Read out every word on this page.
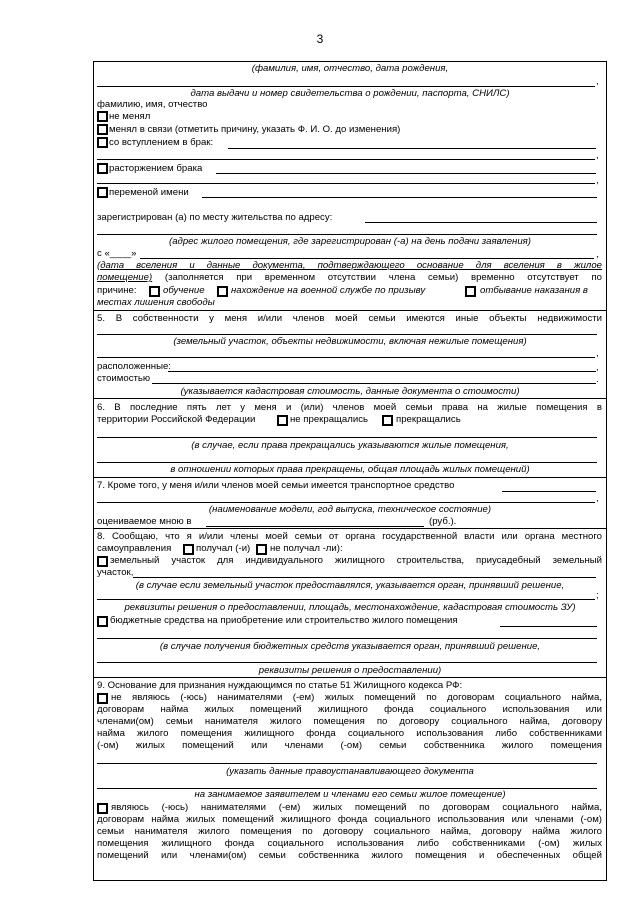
3
(фамилия, имя, отчество, дата рождения,
,
дата выдачи и номер свидетельства о рождении, паспорта, СНИЛС)
фамилию, имя, отчество
не менял
менял в связи (отметить причину, указать Ф. И. О. до изменения)
со вступлением в брак:
,
расторжением брака
,
переменой имени
зарегистрирован (а) по месту жительства по адресу:
(адрес жилого помещения, где зарегистрирован (-а) на день подачи заявления)
с «____»	,
(дата вселения и данные документа, подтверждающего основание для вселения в жилое
помещение) (заполняется при временном отсутствии члена семьи) временно отсутствует по
причине:	обучение	нахождение на военной службе по призыву	отбывание наказания в
местах лишения свободы
5. В собственности у меня и/или членов моей семьи имеются иные объекты недвижимости
(земельный участок, объекты недвижимости, включая нежилые помещения)
,
расположенные:	,
стоимостью	.
(указывается кадастровая стоимость, данные документа о стоимости)
6. В последние пять лет у меня и (или) членов моей семьи права на жилые помещения в
территории Российской Федерации	не прекращались	прекращались
(в случае, если права прекращались указываются жилые помещения,
в отношении которых права прекращены, общая площадь жилых помещений)
7. Кроме того, у меня и/или членов моей семьи имеется транспортное средство
,
(наименование модели, год выпуска, техническое состояние)
оцениваемое мною в	(руб.).
8. Сообщаю, что я и/или члены моей семьи от органа государственной власти или органа местного
самоуправления	получал (-и) не получал -ли):
земельный участок для индивидуального жилищного строительства, приусадебный земельный
участок,
(в случае если земельный участок предоставлялся, указывается орган, принявший решение,
;
реквизиты решения о предоставлении, площадь, местонахождение, кадастровая стоимость ЗУ)
бюджетные средства на приобретение или строительство жилого помещения
(в случае получения бюджетных средств указывается орган, принявший решение,
реквизиты решения о предоставлении)
9. Основание для признания нуждающимся по статье 51 Жилищного кодекса РФ:
не являюсь (-юсь) нанимателями (-ем) жилых помещений по договорам социального найма,
договорам найма жилых помещений жилищного фонда социального использования или
членами(ом) семьи нанимателя жилого помещения по договору социального найма, договору
найма жилого помещения жилищного фонда социального использования либо собственниками
(-ом) жилых помещений или членами (-ом) семьи собственника жилого помещения
(указать данные правоустанавливающего документа
на занимаемое заявителем и членами его семьи жилое помещение)
являюсь (-юсь) нанимателями (-ем) жилых помещений по договорам социального найма,
договорам найма жилых помещений жилищного фонда социального использования или членами (-ом)
семьи нанимателя жилого помещения по договору социального найма, договору найма жилого
помещения жилищного фонда социального использования либо собственниками (-ом) жилых
помещений или членами(ом) семьи собственника жилого помещения и обеспеченных общей
